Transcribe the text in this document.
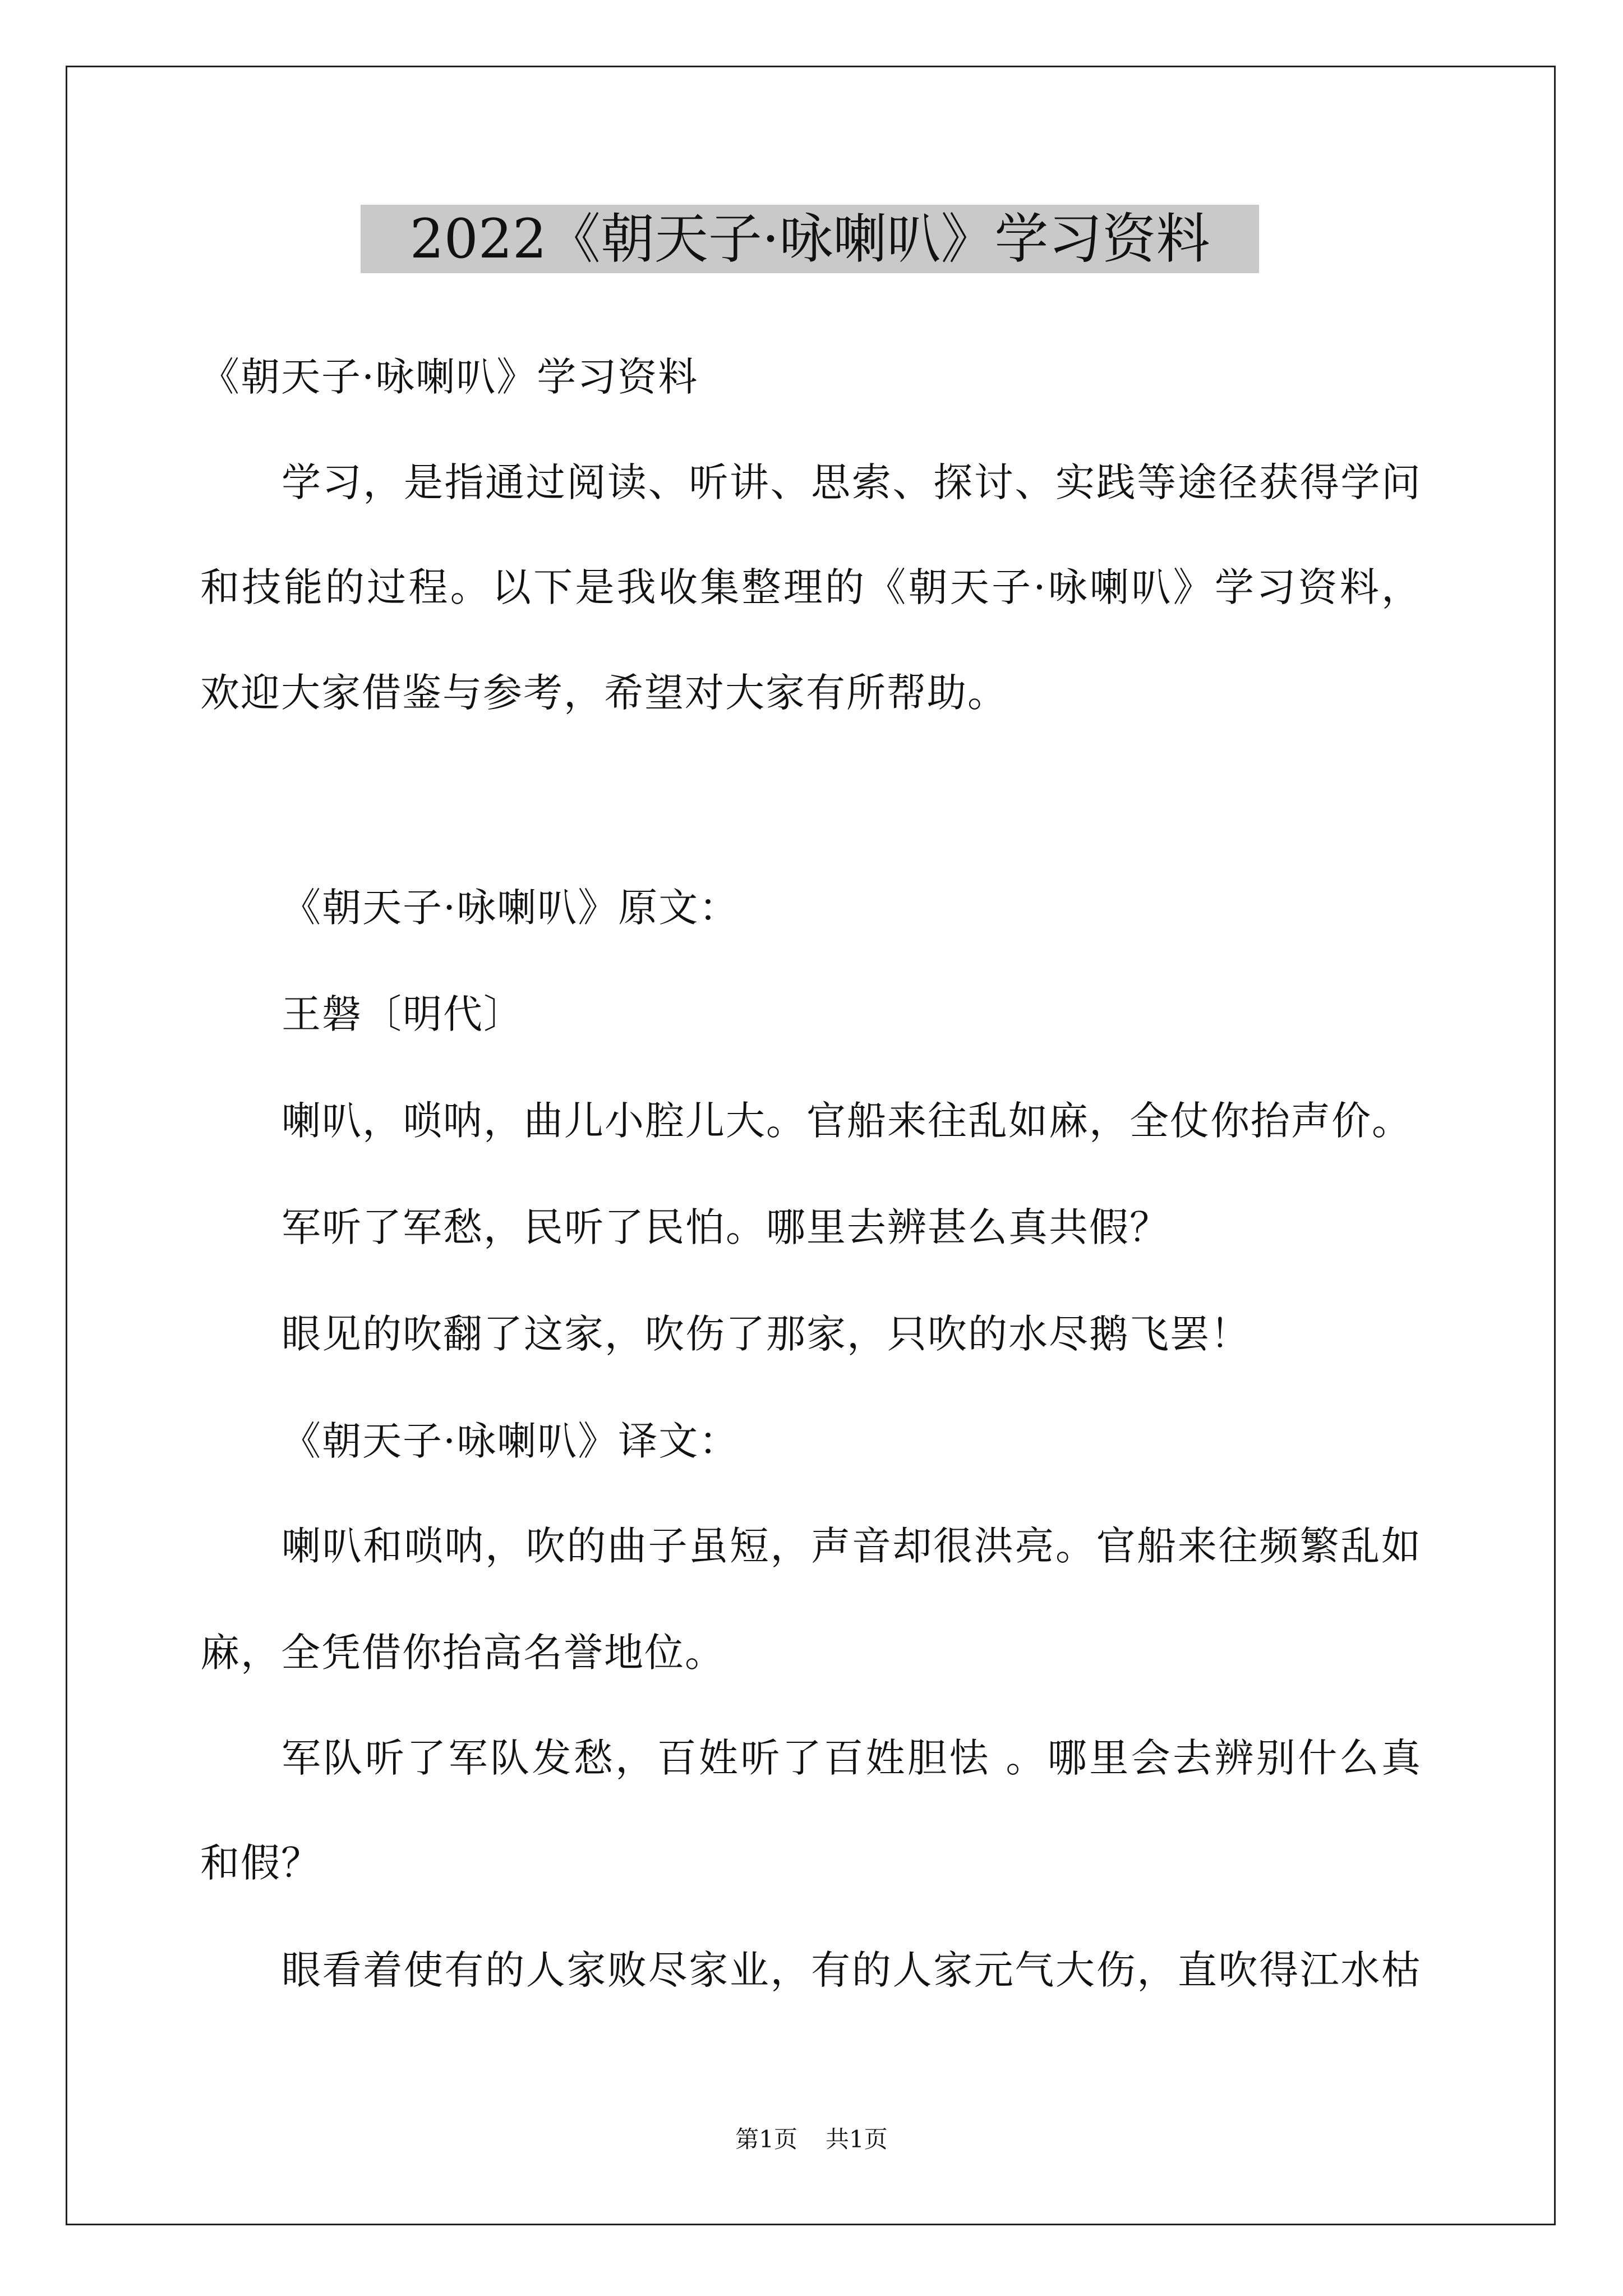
2022《朝天子·咏喇叭》学习资料
《朝天子·咏喇叭》学习资料
学习，是指通过阅读、听讲、思索、探讨、实践等途径获得学问
和技能的过程。以下是我收集整理的《朝天子·咏喇叭》学习资料，
欢迎大家借鉴与参考，希望对大家有所帮助。
《朝天子·咏喇叭》原文：
王磐〔明代〕
喇叭，唢呐，曲儿小腔儿大。官船来往乱如麻，全仗你抬声价。
军听了军愁，民听了民怕。哪里去辨甚么真共假？
眼见的吹翻了这家，吹伤了那家，只吹的水尽鹅飞罢！
《朝天子·咏喇叭》译文：
喇叭和唢呐，吹的曲子虽短，声音却很洪亮。官船来往频繁乱如
麻，全凭借你抬高名誉地位。
军队听了军队发愁，百姓听了百姓胆怯 。哪里会去辨别什么真
和假？
眼看着使有的人家败尽家业，有的人家元气大伤，直吹得江水枯
第1页 共1页
